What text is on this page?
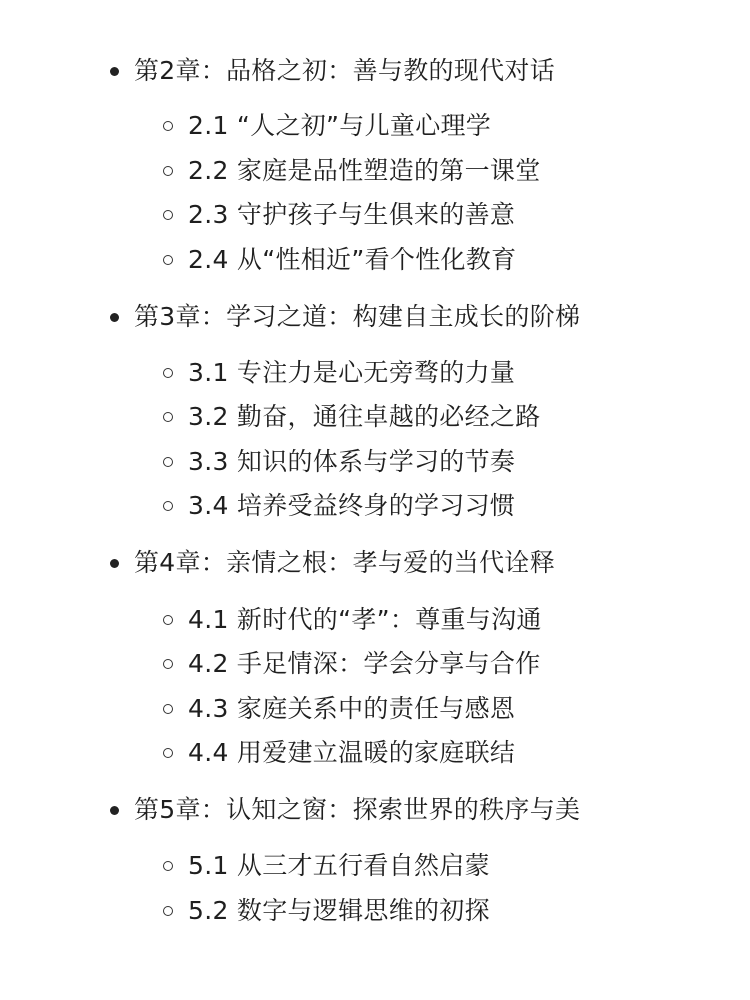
第2章：品格之初：善与教的现代对话
2.1 “人之初”与儿童心理学
2.2 家庭是品性塑造的第一课堂
2.3 守护孩子与生俱来的善意
2.4 从“性相近”看个性化教育
第3章：学习之道：构建自主成长的阶梯
3.1 专注力是心无旁骛的力量
3.2 勤奋，通往卓越的必经之路
3.3 知识的体系与学习的节奏
3.4 培养受益终身的学习习惯
第4章：亲情之根：孝与爱的当代诠释
4.1 新时代的“孝”：尊重与沟通
4.2 手足情深：学会分享与合作
4.3 家庭关系中的责任与感恩
4.4 用爱建立温暖的家庭联结
第5章：认知之窗：探索世界的秩序与美
5.1 从三才五行看自然启蒙
5.2 数字与逻辑思维的初探
